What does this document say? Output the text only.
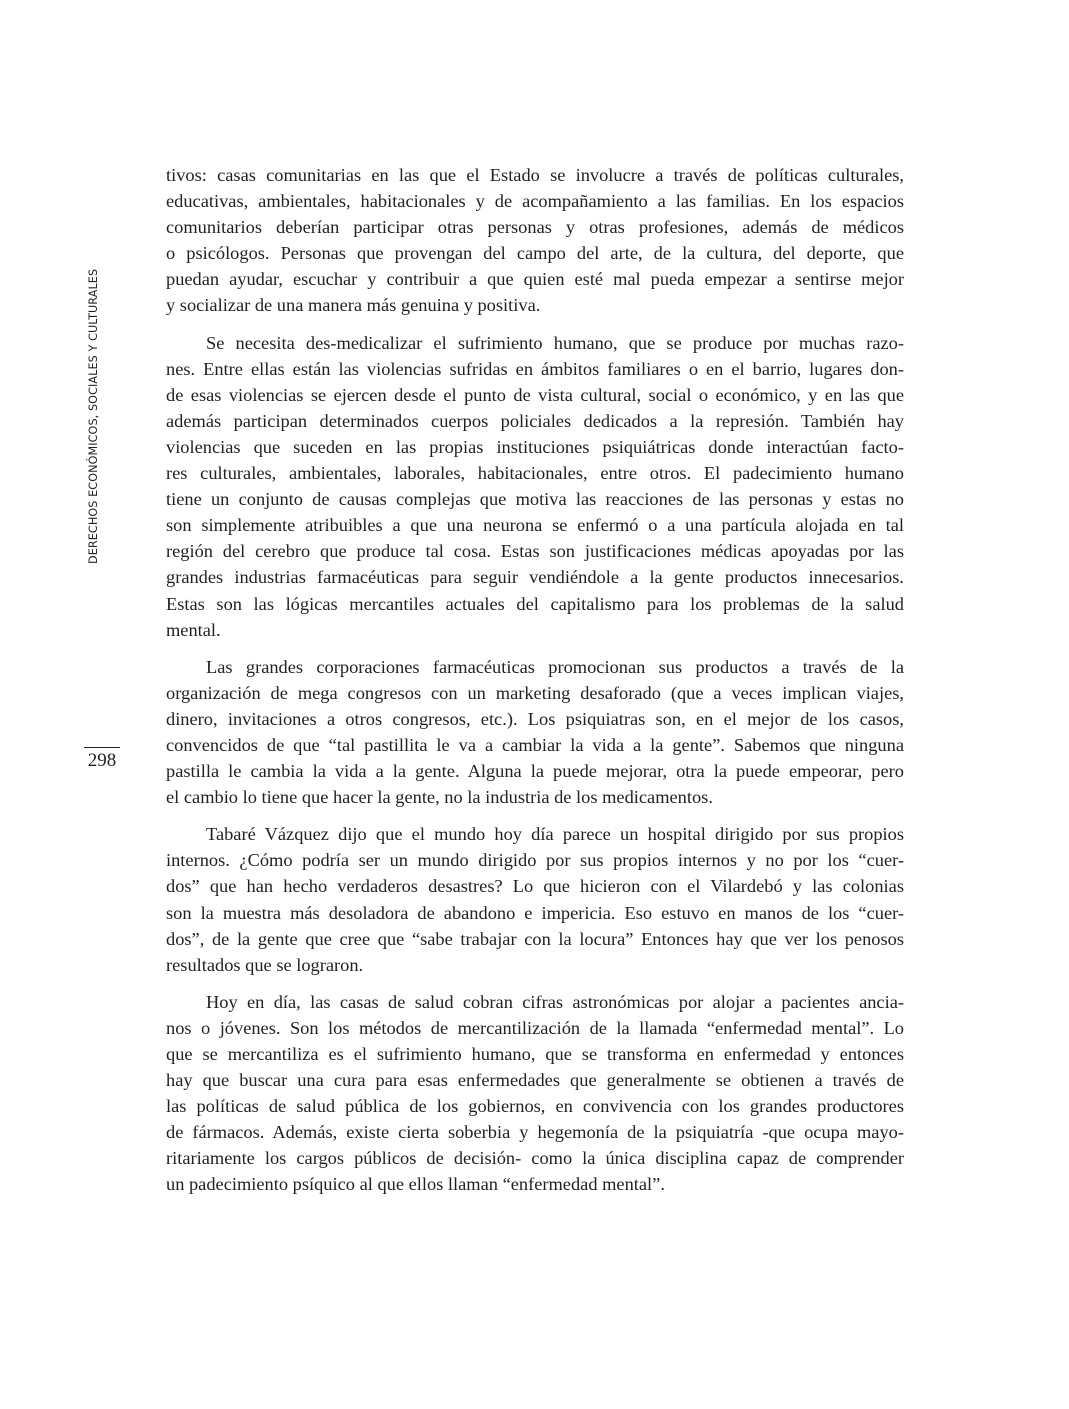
DERECHOS ECONÓMICOS, SOCIALES Y CULTURALES
298

tivos: casas comunitarias en las que el Estado se involucre a través de políticas culturales,
educativas, ambientales, habitacionales y de acompañamiento a las familias. En los espacios
comunitarios deberían participar otras personas y otras profesiones, además de médicos
o psicólogos. Personas que provengan del campo del arte, de la cultura, del deporte, que
puedan ayudar, escuchar y contribuir a que quien esté mal pueda empezar a sentirse mejor
y socializar de una manera más genuina y positiva.

Se necesita des-medicalizar el sufrimiento humano, que se produce por muchas razo-
nes. Entre ellas están las violencias sufridas en ámbitos familiares o en el barrio, lugares don-
de esas violencias se ejercen desde el punto de vista cultural, social o económico, y en las que
además participan determinados cuerpos policiales dedicados a la represión. También hay
violencias que suceden en las propias instituciones psiquiátricas donde interactúan facto-
res culturales, ambientales, laborales, habitacionales, entre otros. El padecimiento humano
tiene un conjunto de causas complejas que motiva las reacciones de las personas y estas no
son simplemente atribuibles a que una neurona se enfermó o a una partícula alojada en tal
región del cerebro que produce tal cosa. Estas son justificaciones médicas apoyadas por las
grandes industrias farmacéuticas para seguir vendiéndole a la gente productos innecesarios.
Estas son las lógicas mercantiles actuales del capitalismo para los problemas de la salud
mental.

Las grandes corporaciones farmacéuticas promocionan sus productos a través de la
organización de mega congresos con un marketing desaforado (que a veces implican viajes,
dinero, invitaciones a otros congresos, etc.). Los psiquiatras son, en el mejor de los casos,
convencidos de que “tal pastillita le va a cambiar la vida a la gente”. Sabemos que ninguna
pastilla le cambia la vida a la gente. Alguna la puede mejorar, otra la puede empeorar, pero
el cambio lo tiene que hacer la gente, no la industria de los medicamentos.

Tabaré Vázquez dijo que el mundo hoy día parece un hospital dirigido por sus propios
internos. ¿Cómo podría ser un mundo dirigido por sus propios internos y no por los “cuer-
dos” que han hecho verdaderos desastres? Lo que hicieron con el Vilardebó y las colonias
son la muestra más desoladora de abandono e impericia. Eso estuvo en manos de los “cuer-
dos”, de la gente que cree que “sabe trabajar con la locura” Entonces hay que ver los penosos
resultados que se lograron.

Hoy en día, las casas de salud cobran cifras astronómicas por alojar a pacientes ancia-
nos o jóvenes. Son los métodos de mercantilización de la llamada “enfermedad mental”. Lo
que se mercantiliza es el sufrimiento humano, que se transforma en enfermedad y entonces
hay que buscar una cura para esas enfermedades que generalmente se obtienen a través de
las políticas de salud pública de los gobiernos, en convivencia con los grandes productores
de fármacos. Además, existe cierta soberbia y hegemonía de la psiquiatría -que ocupa mayo-
ritariamente los cargos públicos de decisión- como la única disciplina capaz de comprender
un padecimiento psíquico al que ellos llaman “enfermedad mental”.
